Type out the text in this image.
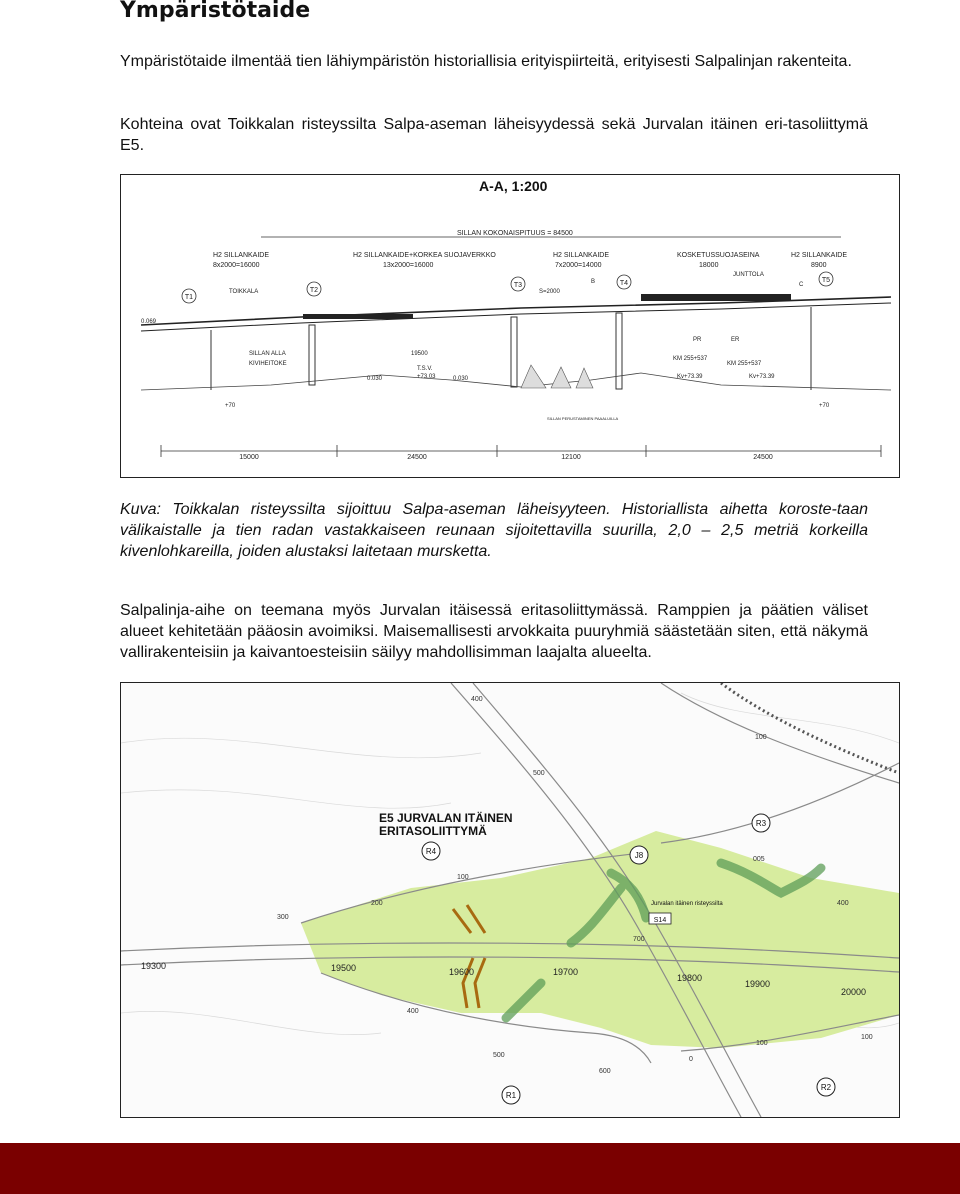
Ympäristötaide

Ympäristötaide ilmentää tien lähiympäristön historiallisia erityispiirteitä, erityisesti Salpalinjan rakenteita.

Kohteina ovat Toikkalan risteyssilta Salpa-aseman läheisyydessä sekä Jurvalan itäinen eri-tasoliittymä E5.

A-A, 1:200
SILLAN KOKONAISPITUUS = 84500
H2 SILLANKAIDE
8x2000=16000
H2 SILLANKAIDE+KORKEA SUOJAVERKKO
13x2000=16000
H2 SILLANKAIDE
7x2000=14000
KOSKETUSSUOJASEINA
18000
H2 SILLANKAIDE
8900
T1
T2
T3	T4	T5
TOIKKALA
JUNTTOLA
S=2000
B	C
SILLAN ALLA
KIVIHEITOKE
19500
T.S.V.
+73.03
PR	ER
KM 255+537
KM 255+537
Kv+73.39	Kv+73.39
0.069
0.030	0.030
+70	+70
SILLAN PERUSTAMINEN PAAALUILLA
15000	24500	12100	24500

Kuva: Toikkalan risteyssilta sijoittuu Salpa-aseman läheisyyteen. Historiallista aihetta koroste-taan välikaistalle ja tien radan vastakkaiseen reunaan sijoitettavilla suurilla, 2,0 – 2,5 metriä korkeilla kivenlohkareilla, joiden alustaksi laitetaan mursketta.

Salpalinja-aihe on teemana myös Jurvalan itäisessä eritasoliittymässä. Ramppien ja päätien väliset alueet kehitetään pääosin avoimiksi. Maisemallisesti arvokkaita puuryhmiä säästetään siten, että näkymä vallirakenteisiin ja kaivantoesteisiin säilyy mahdollisimman laajalta alueelta.

E5 JURVALAN ITÄINEN
ERITASOLIITTYMÄ
R1
R2
R3
R4	J8
S14
Jurvalan itäinen risteyssilta
19300	19500	19600	19700
19800
19900
20000
400
500
100
200
300
100
005
400
700
600
500
400
100
0
100
